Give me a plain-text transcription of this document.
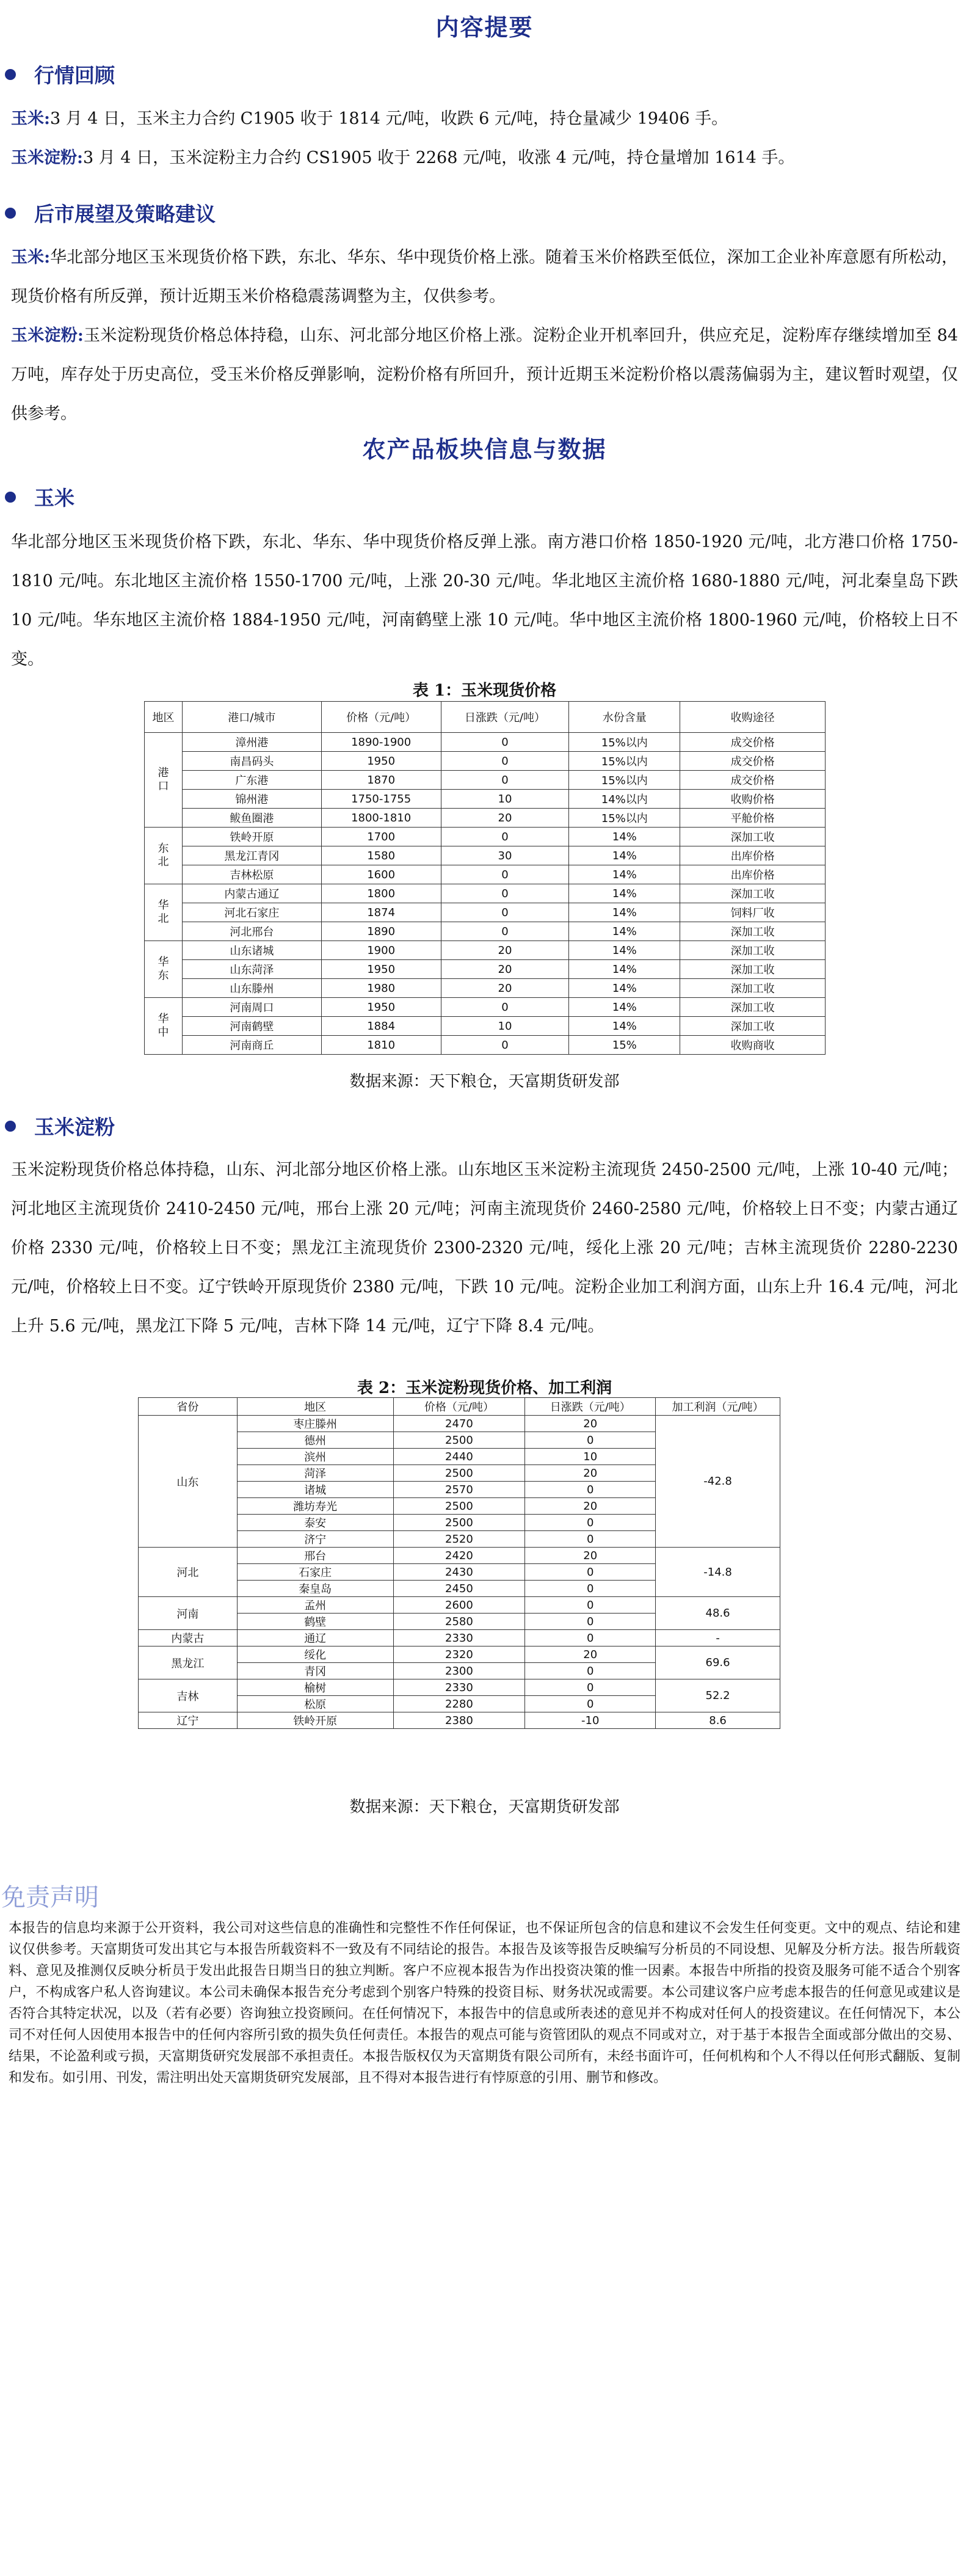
内容提要
行情回顾
玉米:3 月 4 日，玉米主力合约 C1905 收于 1814 元/吨，收跌 6 元/吨，持仓量减少 19406 手。
玉米淀粉:3 月 4 日，玉米淀粉主力合约 CS1905 收于 2268 元/吨，收涨 4 元/吨，持仓量增加 1614 手。
后市展望及策略建议
玉米:华北部分地区玉米现货价格下跌，东北、华东、华中现货价格上涨。随着玉米价格跌至低位，深加工企业补库意愿有所松动，现货价格有所反弹，预计近期玉米价格稳震荡调整为主，仅供参考。
玉米淀粉:玉米淀粉现货价格总体持稳，山东、河北部分地区价格上涨。淀粉企业开机率回升，供应充足，淀粉库存继续增加至 84 万吨，库存处于历史高位，受玉米价格反弹影响，淀粉价格有所回升，预计近期玉米淀粉价格以震荡偏弱为主，建议暂时观望，仅供参考。
农产品板块信息与数据
玉米
华北部分地区玉米现货价格下跌，东北、华东、华中现货价格反弹上涨。南方港口价格 1850-1920 元/吨，北方港口价格 1750-1810 元/吨。东北地区主流价格 1550-1700 元/吨，上涨 20-30 元/吨。华北地区主流价格 1680-1880 元/吨，河北秦皇岛下跌 10 元/吨。华东地区主流价格 1884-1950 元/吨，河南鹤壁上涨 10 元/吨。华中地区主流价格 1800-1960 元/吨，价格较上日不变。
表 1：玉米现货价格
地区	港口/城市	价格（元/吨）	日涨跌（元/吨）	水份含量	收购途径
港
口	漳州港	1890-1900	0	15%以内	成交价格
	南昌码头	1950	0	15%以内	成交价格
	广东港	1870	0	15%以内	成交价格
	锦州港	1750-1755	10	14%以内	收购价格
	鲅鱼圈港	1800-1810	20	15%以内	平舱价格
东
北	铁岭开原	1700	0	14%	深加工收
	黑龙江青冈	1580	30	14%	出库价格
	吉林松原	1600	0	14%	出库价格
华
北	内蒙古通辽	1800	0	14%	深加工收
	河北石家庄	1874	0	14%	饲料厂收
	河北邢台	1890	0	14%	深加工收
华
东	山东诸城	1900	20	14%	深加工收
	山东菏泽	1950	20	14%	深加工收
	山东滕州	1980	20	14%	深加工收
华
中	河南周口	1950	0	14%	深加工收
	河南鹤壁	1884	10	14%	深加工收
	河南商丘	1810	0	15%	收购商收
数据来源：天下粮仓，天富期货研发部
玉米淀粉
玉米淀粉现货价格总体持稳，山东、河北部分地区价格上涨。山东地区玉米淀粉主流现货 2450-2500 元/吨，上涨 10-40 元/吨；河北地区主流现货价 2410-2450 元/吨，邢台上涨 20 元/吨；河南主流现货价 2460-2580 元/吨，价格较上日不变；内蒙古通辽价格 2330 元/吨，价格较上日不变；黑龙江主流现货价 2300-2320 元/吨，绥化上涨 20 元/吨；吉林主流现货价 2280-2230 元/吨，价格较上日不变。辽宁铁岭开原现货价 2380 元/吨，下跌 10 元/吨。淀粉企业加工利润方面，山东上升 16.4 元/吨，河北上升 5.6 元/吨，黑龙江下降 5 元/吨，吉林下降 14 元/吨，辽宁下降 8.4 元/吨。
表 2：玉米淀粉现货价格、加工利润
省份	地区	价格（元/吨）	日涨跌（元/吨）	加工利润（元/吨）
山东	枣庄滕州	2470	20	-42.8
	德州	2500	0	
	滨州	2440	10	
	菏泽	2500	20	
	诸城	2570	0	
	潍坊寿光	2500	20	
	泰安	2500	0	
	济宁	2520	0	
河北	邢台	2420	20	-14.8
	石家庄	2430	0	
	秦皇岛	2450	0	
河南	孟州	2600	0	48.6
	鹤壁	2580	0	
内蒙古	通辽	2330	0	-
黑龙江	绥化	2320	20	69.6
	青冈	2300	0	
吉林	榆树	2330	0	52.2
	松原	2280	0	
辽宁	铁岭开原	2380	-10	8.6
数据来源：天下粮仓，天富期货研发部
免责声明
本报告的信息均来源于公开资料，我公司对这些信息的准确性和完整性不作任何保证，也不保证所包含的信息和建议不会发生任何变更。文中的观点、结论和建议仅供参考。天富期货可发出其它与本报告所载资料不一致及有不同结论的报告。本报告及该等报告反映编写分析员的不同设想、见解及分析方法。报告所载资料、意见及推测仅反映分析员于发出此报告日期当日的独立判断。客户不应视本报告为作出投资决策的惟一因素。本报告中所指的投资及服务可能不适合个别客户，不构成客户私人咨询建议。本公司未确保本报告充分考虑到个别客户特殊的投资目标、财务状况或需要。本公司建议客户应考虑本报告的任何意见或建议是否符合其特定状况，以及（若有必要）咨询独立投资顾问。在任何情况下，本报告中的信息或所表述的意见并不构成对任何人的投资建议。在任何情况下，本公司不对任何人因使用本报告中的任何内容所引致的损失负任何责任。本报告的观点可能与资管团队的观点不同或对立，对于基于本报告全面或部分做出的交易、结果，不论盈利或亏损，天富期货研究发展部不承担责任。本报告版权仅为天富期货有限公司所有，未经书面许可，任何机构和个人不得以任何形式翻版、复制和发布。如引用、刊发，需注明出处天富期货研究发展部，且不得对本报告进行有悖原意的引用、删节和修改。
